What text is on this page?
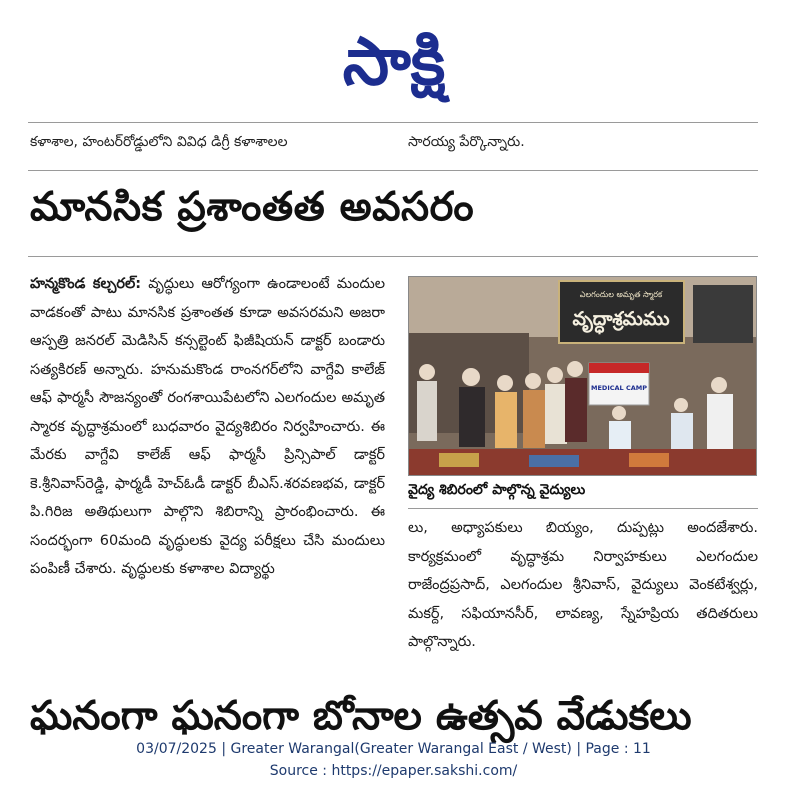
సాక్షి
కళాశాల, హంటర్‌రోడ్డులోని వివిధ డిగ్రీ కళాశాలల	సారయ్య పేర్కొన్నారు.
మానసిక ప్రశాంతత అవసరం
హన్మకొండ కల్చరల్‌: వృద్ధులు ఆరోగ్యంగా ఉండాలంటే మందుల వాడకంతో పాటు మానసిక ప్రశాంతత కూడా అవసరమని అజరా ఆస్పత్రి జనరల్‌ మెడిసిన్‌ కన్సల్టెంట్‌ ఫిజీషియన్‌ డాక్టర్‌ బండారు సత్యకిరణ్‌ అన్నారు. హనుమకొండ రాంనగర్‌లోని వాగ్దేవి కాలేజ్‌ ఆఫ్‌ ఫార్మసీ సౌజన్యంతో రంగశాయిపేటలోని ఎలగందుల అమృత స్మారక వృద్ధాశ్రమంలో బుధవారం వైద్యశిబిరం నిర్వహించారు. ఈ మేరకు వాగ్దేవి కాలేజ్‌ ఆఫ్‌ ఫార్మసీ ప్రిన్సిపాల్‌ డాక్టర్‌ కె.శ్రీనివాస్‌రెడ్డి, ఫార్మడీ హెచ్‌ఓడీ డాక్టర్‌ బీఎస్‌.శరవణభవ, డాక్టర్‌ పి.గిరిజ అతిథులుగా పాల్గొని శిబిరాన్ని ప్రారంభించారు. ఈ సందర్భంగా 60మంది వృద్ధులకు వైద్య పరీక్షలు చేసి మందులు పంపిణీ చేశారు. వృద్ధులకు కళాశాల విద్యార్థు
ఎలగందుల అమృత స్మారక
వృద్ధాశ్రమము
MEDICAL CAMP
వైద్య శిబిరంలో పాల్గొన్న వైద్యులు
లు, అధ్యాపకులు బియ్యం, దుప్పట్లు అందజేశారు. కార్యక్రమంలో వృద్ధాశ్రమ నిర్వాహకులు ఎలగందుల రాజేంద్రప్రసాద్‌, ఎలగందుల శ్రీనివాస్‌, వైద్యులు వెంకటేశ్వర్లు, మకర్ద్‌, సఫియానసీర్‌, లావణ్య, స్నేహప్రియ తదితరులు పాల్గొన్నారు.
ఘనంగా ఘనంగా బోనాల ఉత్సవ వేడుకలు
03/07/2025 | Greater Warangal(Greater Warangal East / West) | Page : 11
Source : https://epaper.sakshi.com/
